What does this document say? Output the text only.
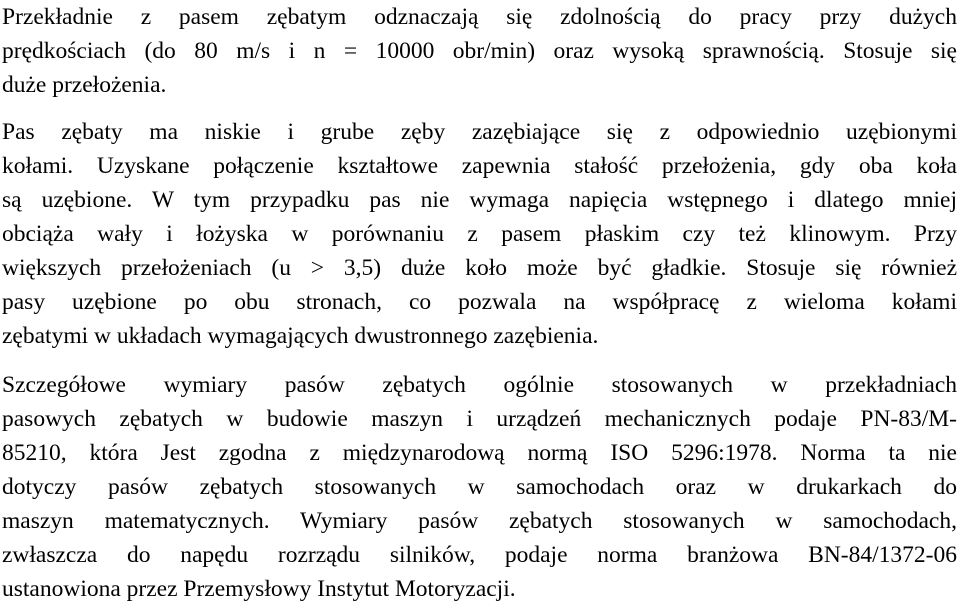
Przekładnie z pasem zębatym odznaczają się zdolnością do pracy przy dużych
prędkościach (do 80 m/s i n = 10000 obr/min) oraz wysoką sprawnością. Stosuje się
duże przełożenia.
Pas zębaty ma niskie i grube zęby zazębiające się z odpowiednio uzębionymi
kołami. Uzyskane połączenie kształtowe zapewnia stałość przełożenia, gdy oba koła
są uzębione. W tym przypadku pas nie wymaga napięcia wstępnego i dlatego mniej
obciąża wały i łożyska w porównaniu z pasem płaskim czy też klinowym. Przy
większych przełożeniach (u > 3,5) duże koło może być gładkie. Stosuje się również
pasy uzębione po obu stronach, co pozwala na współpracę z wieloma kołami
zębatymi w układach wymagających dwustronnego zazębienia.
Szczegółowe wymiary pasów zębatych ogólnie stosowanych w przekładniach
pasowych zębatych w budowie maszyn i urządzeń mechanicznych podaje PN-83/M-
85210, która Jest zgodna z międzynarodową normą ISO 5296:1978. Norma ta nie
dotyczy pasów zębatych stosowanych w samochodach oraz w drukarkach do
maszyn matematycznych. Wymiary pasów zębatych stosowanych w samochodach,
zwłaszcza do napędu rozrządu silników, podaje norma branżowa BN-84/1372-06
ustanowiona przez Przemysłowy Instytut Motoryzacji.
